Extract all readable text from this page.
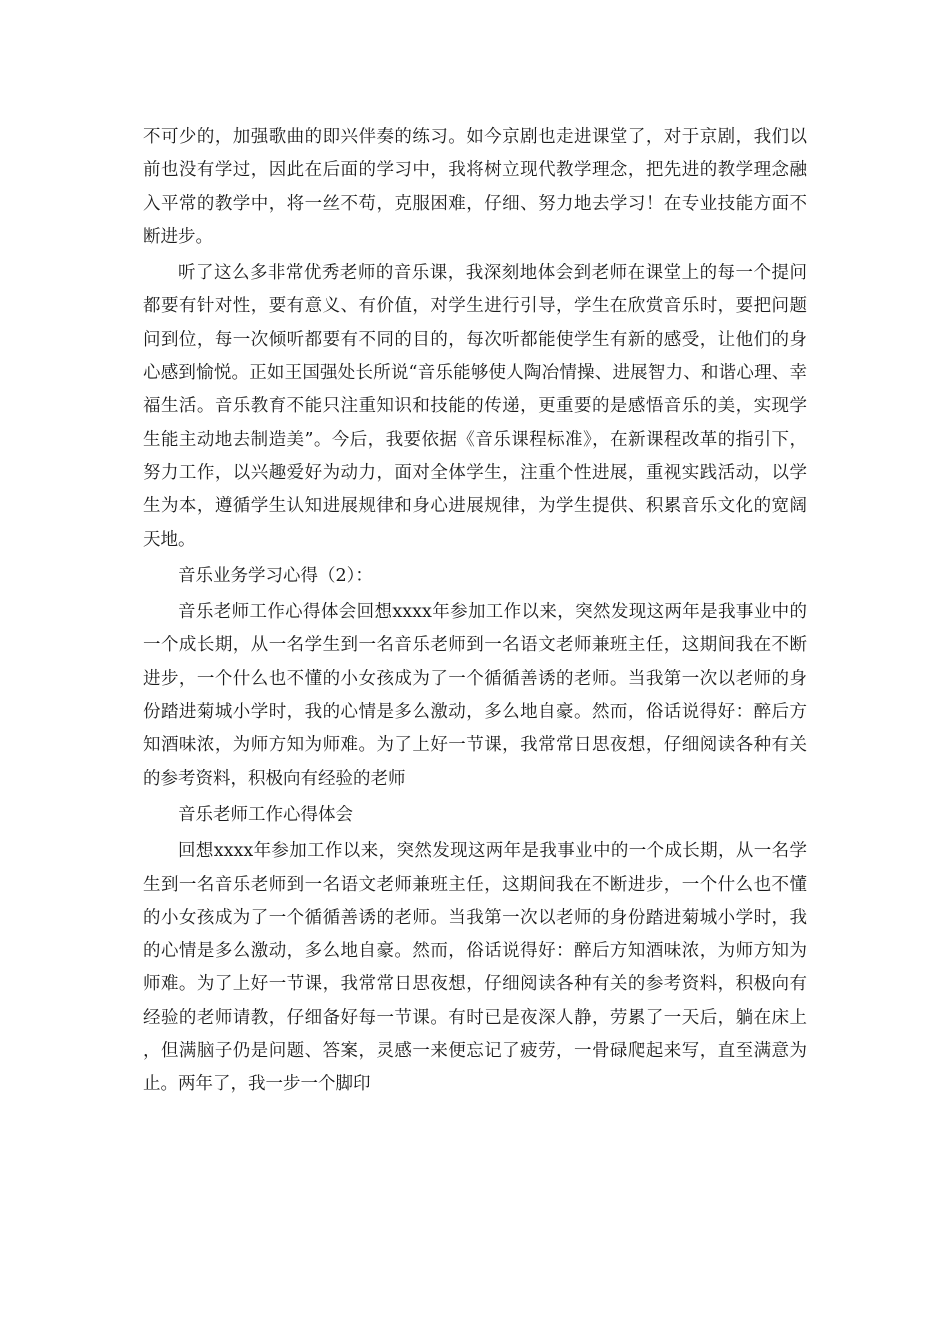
不可少的，加强歌曲的即兴伴奏的练习。如今京剧也走进课堂了，对于京剧，我们以前也没有学过，因此在后面的学习中，我将树立现代教学理念，把先进的教学理念融入平常的教学中，将一丝不苟，克服困难，仔细、努力地去学习！在专业技能方面不断进步。

听了这么多非常优秀老师的音乐课，我深刻地体会到老师在课堂上的每一个提问都要有针对性，要有意义、有价值，对学生进行引导，学生在欣赏音乐时，要把问题问到位，每一次倾听都要有不同的目的，每次听都能使学生有新的感受，让他们的身心感到愉悦。正如王国强处长所说“音乐能够使人陶冶情操、进展智力、和谐心理、幸福生活。音乐教育不能只注重知识和技能的传递，更重要的是感悟音乐的美，实现学生能主动地去制造美”。今后，我要依据《音乐课程标准》，在新课程改革的指引下，努力工作，以兴趣爱好为动力，面对全体学生，注重个性进展，重视实践活动，以学生为本，遵循学生认知进展规律和身心进展规律，为学生提供、积累音乐文化的宽阔天地。

音乐业务学习心得（2）：

音乐老师工作心得体会回想xxxx年参加工作以来，突然发现这两年是我事业中的一个成长期，从一名学生到一名音乐老师到一名语文老师兼班主任，这期间我在不断进步，一个什么也不懂的小女孩成为了一个循循善诱的老师。当我第一次以老师的身份踏进菊城小学时，我的心情是多么激动，多么地自豪。然而，俗话说得好：醉后方知酒味浓，为师方知为师难。为了上好一节课，我常常日思夜想，仔细阅读各种有关的参考资料，积极向有经验的老师

音乐老师工作心得体会

回想xxxx年参加工作以来，突然发现这两年是我事业中的一个成长期，从一名学生到一名音乐老师到一名语文老师兼班主任，这期间我在不断进步，一个什么也不懂的小女孩成为了一个循循善诱的老师。当我第一次以老师的身份踏进菊城小学时，我的心情是多么激动，多么地自豪。然而，俗话说得好：醉后方知酒味浓，为师方知为师难。为了上好一节课，我常常日思夜想，仔细阅读各种有关的参考资料，积极向有经验的老师请教，仔细备好每一节课。有时已是夜深人静，劳累了一天后，躺在床上，但满脑子仍是问题、答案，灵感一来便忘记了疲劳，一骨碌爬起来写，直至满意为止。两年了，我一步一个脚印
